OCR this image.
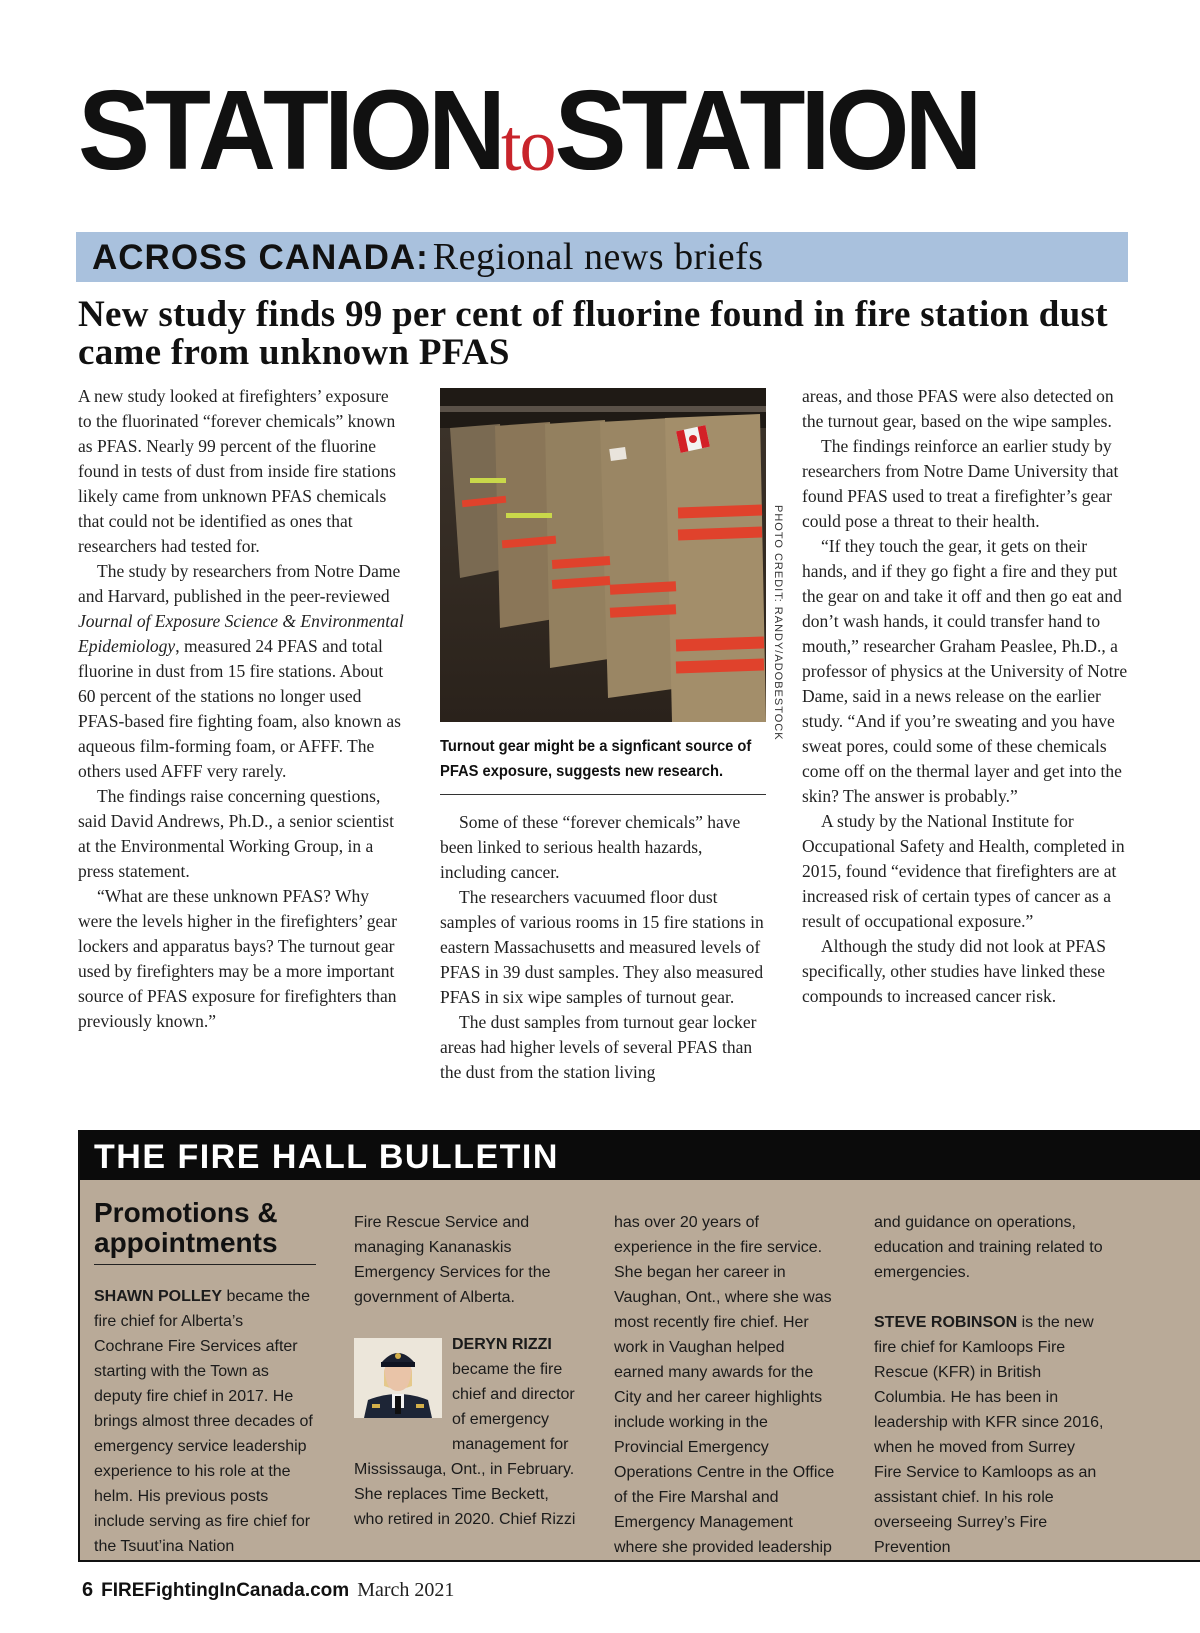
STATIONtoSTATION
ACROSS CANADA: Regional news briefs
New study finds 99 per cent of fluorine found in fire station dust came from unknown PFAS

A new study looked at firefighters’ exposure to the fluorinated “forever chemicals” known as PFAS. Nearly 99 percent of the fluorine found in tests of dust from inside fire stations likely came from unknown PFAS chemicals that could not be identified as ones that researchers had tested for.

The study by researchers from Notre Dame and Harvard, published in the peer-reviewed Journal of Exposure Science & Environmental Epidemiology, measured 24 PFAS and total fluorine in dust from 15 fire stations. About 60 percent of the stations no longer used PFAS-based fire fighting foam, also known as aqueous film-forming foam, or AFFF. The others used AFFF very rarely.

The findings raise concerning questions, said David Andrews, Ph.D., a senior scientist at the Environmental Working Group, in a press statement.

“What are these unknown PFAS? Why were the levels higher in the firefighters’ gear lockers and apparatus bays? The turnout gear used by firefighters may be a more important source of PFAS exposure for firefighters than previously known.”

PHOTO CREDIT: RANDY/ADOBESTOCK

Turnout gear might be a signficant source of PFAS exposure, suggests new research.

Some of these “forever chemicals” have been linked to serious health hazards, including cancer.

The researchers vacuumed floor dust samples of various rooms in 15 fire stations in eastern Massachusetts and measured levels of PFAS in 39 dust samples. They also measured PFAS in six wipe samples of turnout gear.

The dust samples from turnout gear locker areas had higher levels of several PFAS than the dust from the station living

areas, and those PFAS were also detected on the turnout gear, based on the wipe samples.

The findings reinforce an earlier study by researchers from Notre Dame University that found PFAS used to treat a firefighter’s gear could pose a threat to their health.

“If they touch the gear, it gets on their hands, and if they go fight a fire and they put the gear on and take it off and then go eat and don’t wash hands, it could transfer hand to mouth,” researcher Graham Peaslee, Ph.D., a professor of physics at the University of Notre Dame, said in a news release on the earlier study. “And if you’re sweating and you have sweat pores, could some of these chemicals come off on the thermal layer and get into the skin? The answer is probably.”

A study by the National Institute for Occupational Safety and Health, completed in 2015, found “evidence that firefighters are at increased risk of certain types of cancer as a result of occupational exposure.”

Although the study did not look at PFAS specifically, other studies have linked these compounds to increased cancer risk.

THE FIRE HALL BULLETIN
Promotions & appointments

SHAWN POLLEY became the fire chief for Alberta’s Cochrane Fire Services after starting with the Town as deputy fire chief in 2017. He brings almost three decades of emergency service leadership experience to his role at the helm. His previous posts include serving as fire chief for the Tsuut’ina Nation

Fire Rescue Service and managing Kananaskis Emergency Services for the government of Alberta.

DERYN RIZZI became the fire chief and director of emergency management for
Mississauga, Ont., in February. She replaces Time Beckett, who retired in 2020. Chief Rizzi

has over 20 years of experience in the fire service. She began her career in Vaughan, Ont., where she was most recently fire chief. Her work in Vaughan helped earned many awards for the City and her career highlights include working in the Provincial Emergency Operations Centre in the Office of the Fire Marshal and Emergency Management where she provided leadership

and guidance on operations, education and training related to emergencies.

STEVE ROBINSON is the new fire chief for Kamloops Fire Rescue (KFR) in British Columbia. He has been in leadership with KFR since 2016, when he moved from Surrey Fire Service to Kamloops as an assistant chief. In his role overseeing Surrey’s Fire Prevention

6 FIREFightingInCanada.com March 2021
